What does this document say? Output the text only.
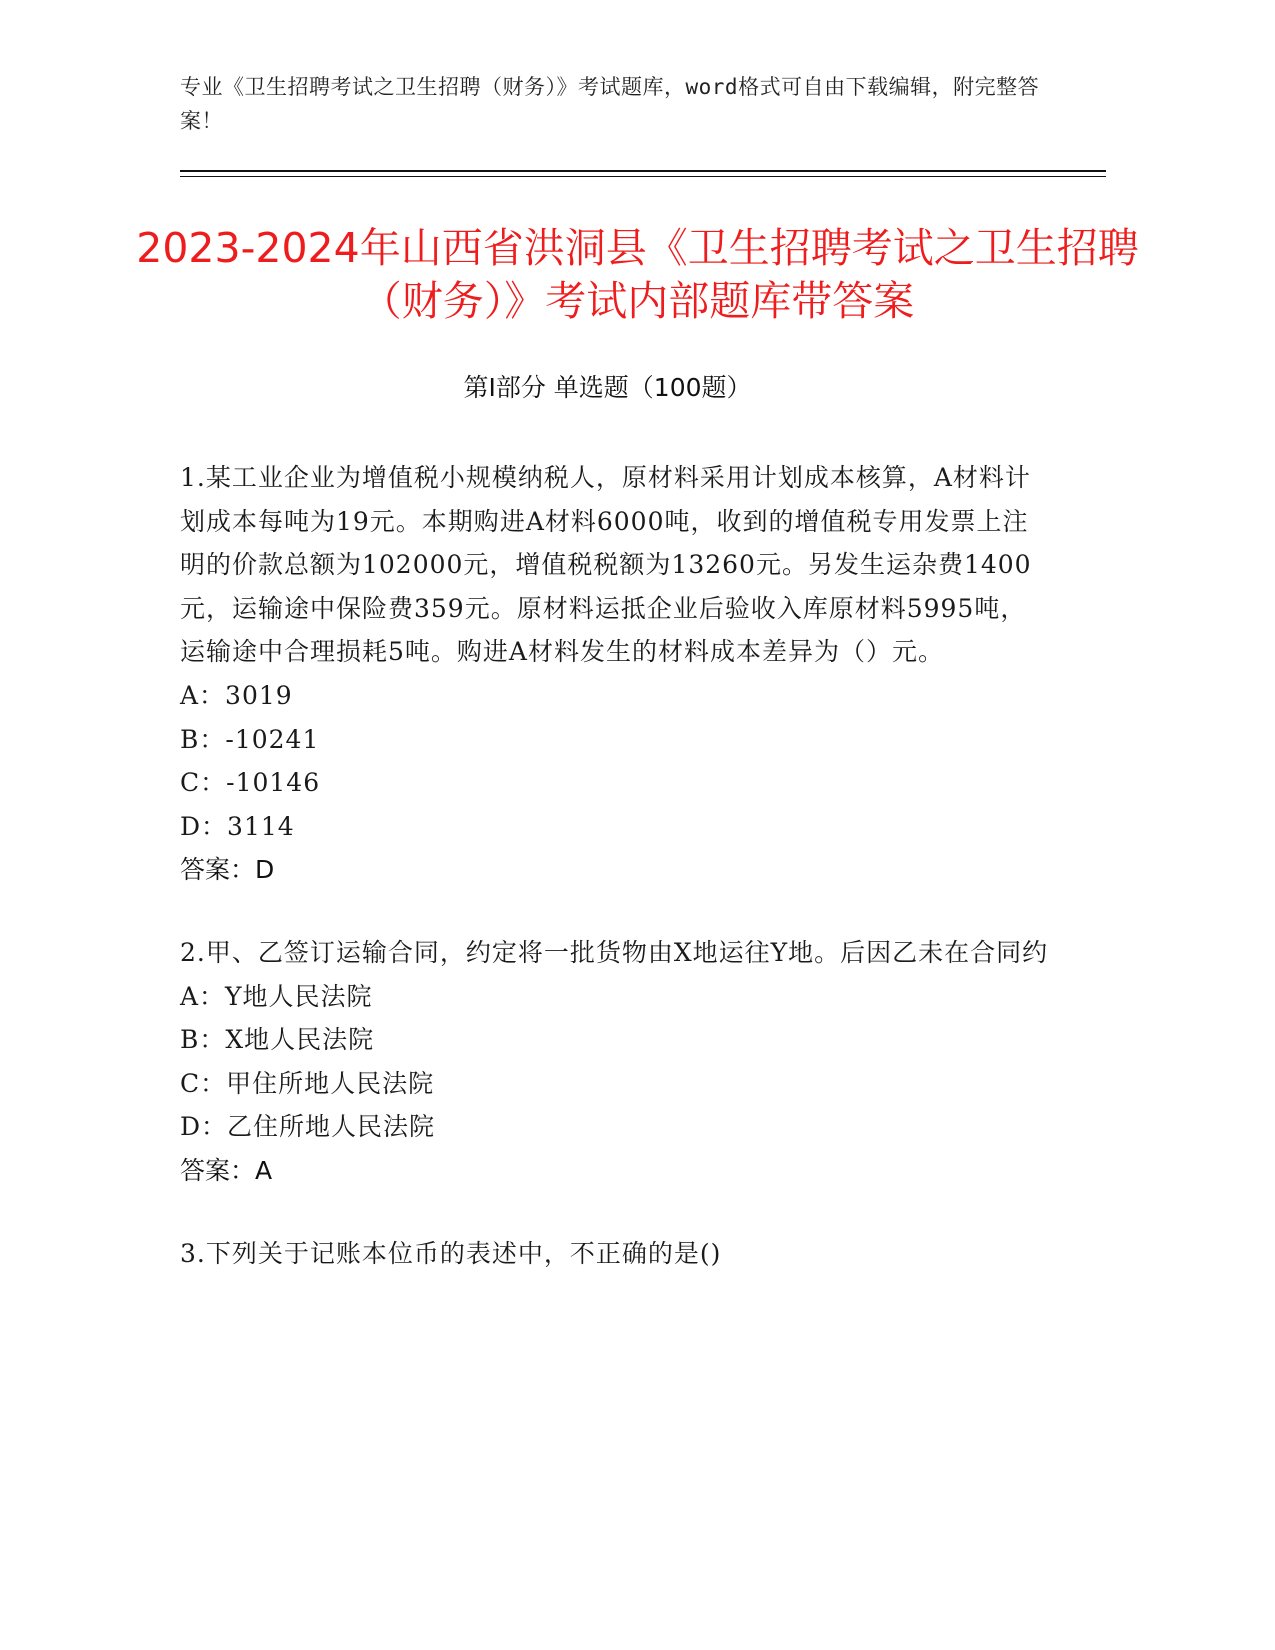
专业《卫生招聘考试之卫生招聘（财务）》考试题库，word格式可自由下载编辑，附完整答案！
2023-2024年山西省洪洞县《卫生招聘考试之卫生招聘（财务）》考试内部题库带答案
第I部分 单选题（100题）

1.某工业企业为增值税小规模纳税人，原材料采用计划成本核算，A材料计划成本每吨为19元。本期购进A材料6000吨，收到的增值税专用发票上注明的价款总额为102000元，增值税税额为13260元。另发生运杂费1400元，运输途中保险费359元。原材料运抵企业后验收入库原材料5995吨，运输途中合理损耗5吨。购进A材料发生的材料成本差异为（）元。

A：3019

B：-10241

C：-10146

D：3114

答案：D

2.甲、乙签订运输合同，约定将一批货物由X地运往Y地。后因乙未在合同约

A：Y地人民法院

B：X地人民法院

C：甲住所地人民法院

D：乙住所地人民法院

答案：A

3.下列关于记账本位币的表述中，不正确的是()
